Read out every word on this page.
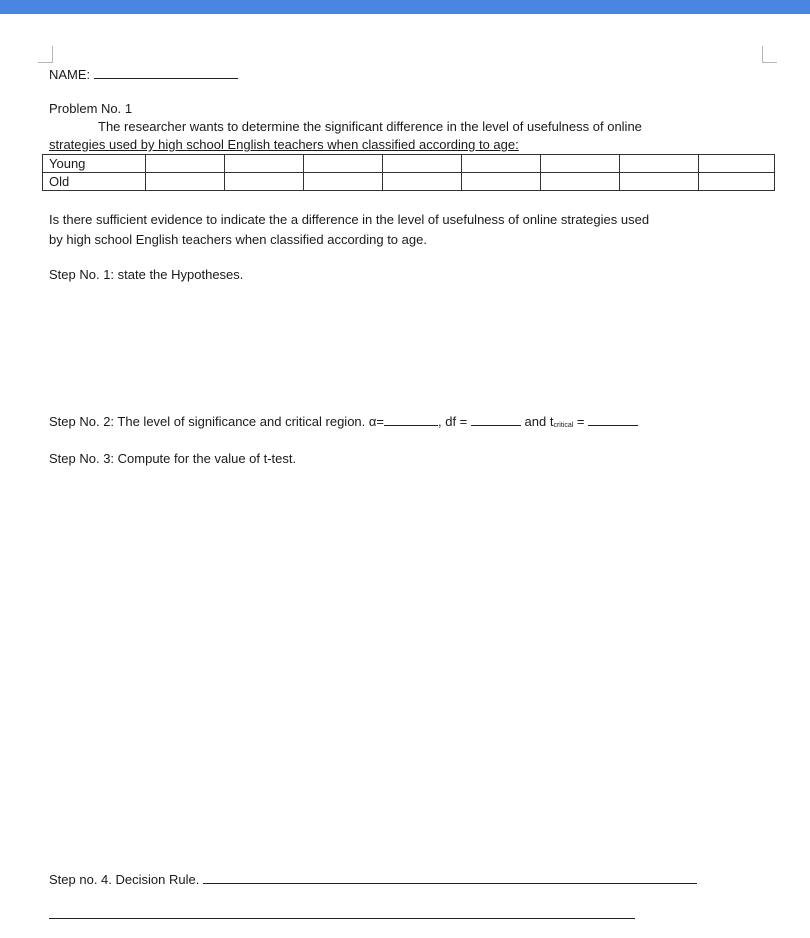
NAME:
Problem No. 1
The researcher wants to determine the significant difference in the level of usefulness of online
strategies used by high school English teachers when classified according to age:
Young								
Old								
Is there sufficient evidence to indicate the a difference in the level of usefulness of online strategies used
by high school English teachers when classified according to age.
Step No. 1: state the Hypotheses.
Step No. 2: The level of significance and critical region. α=	, df =	and $t_{critical}$ =
Step No. 3: Compute for the value of t-test.
Step no. 4. Decision Rule.
